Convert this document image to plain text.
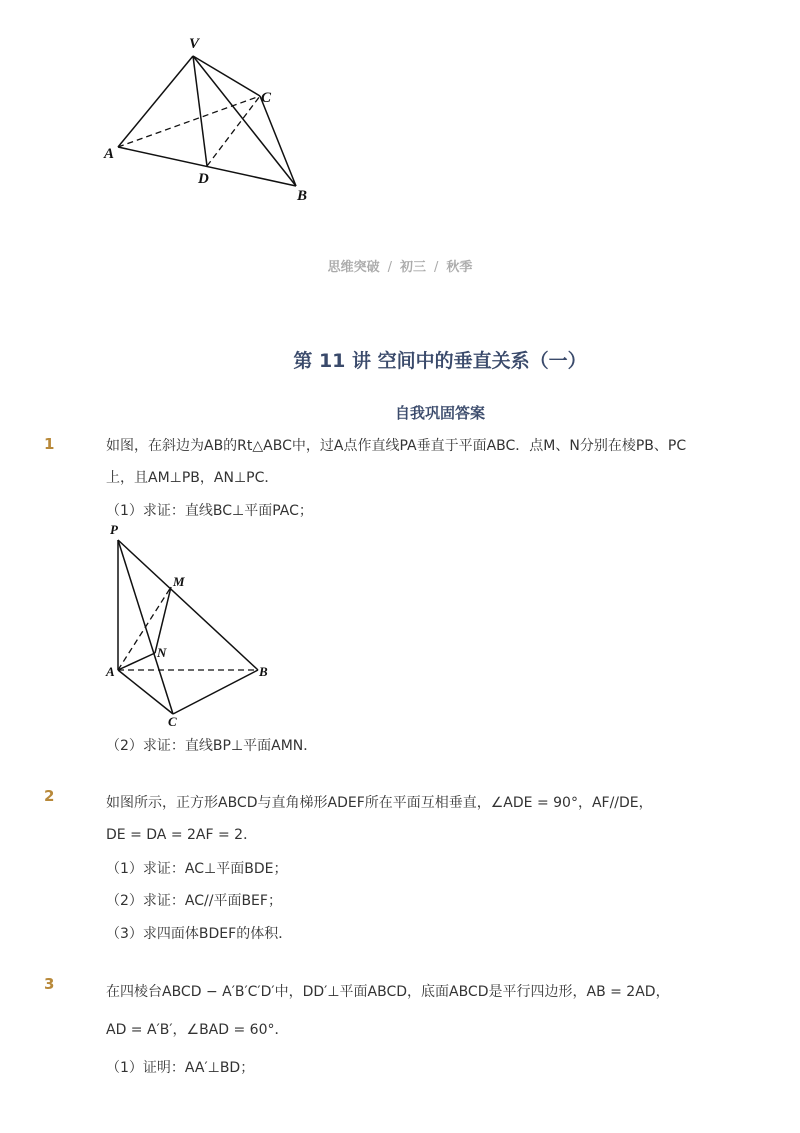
V
C
A
D
B
思维突破 / 初三 / 秋季
第 11 讲 空间中的垂直关系（一）
自我巩固答案
1	如图，在斜边为AB的Rt△ABC中，过A点作直线PA垂直于平面ABC．点M、N分别在棱PB、PC
上，且AM⊥PB，AN⊥PC．
（1）求证：直线BC⊥平面PAC；
P
M
N
A	B
C
（2）求证：直线BP⊥平面AMN．
2	如图所示，正方形ABCD与直角梯形ADEF所在平面互相垂直，∠ADE = 90°，AF//DE，
DE = DA = 2AF = 2．
（1）求证：AC⊥平面BDE；
（2）求证：AC//平面BEF；
（3）求四面体BDEF的体积．
3	在四棱台ABCD − A′B′C′D′中，DD′⊥平面ABCD，底面ABCD是平行四边形，AB = 2AD，
AD = A′B′，∠BAD = 60°．
（1）证明：AA′⊥BD；
